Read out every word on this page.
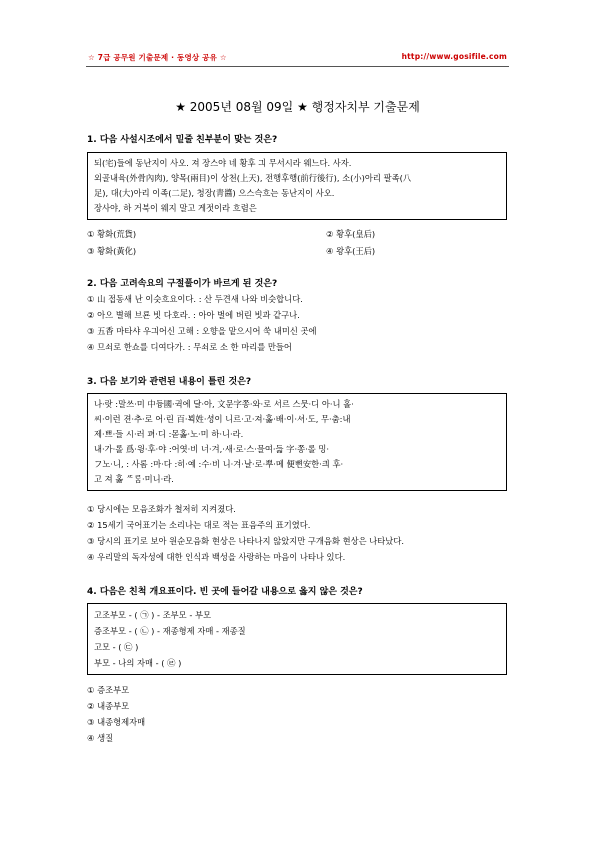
☆ 7급 공무원 기출문제 · 동영상 공유 ☆	http://www.gosifile.com
★ 2005년 08월 09일 ★ 행정자치부 기출문제
1. 다음 사설시조에서 밑줄 친부분이 맞는 것은?
되(宅)들에 동난지이 사오. 져 장스야 네 황후 긔 무서시라 웨느다. 사자.
외골내육(外骨內肉), 양목(兩目)이 상천(上天), 전행후행(前行後行), 소(小)아리 팔족(八
足), 대(大)아리 이족(二足), 청장(靑醬) 으스슥흐는 동난지이 사오.
장사야, 하 거북이 웨지 말고 게젓이라 흐렴은
① 황화(荒貨)	② 황후(皇后)
③ 황화(黃化)	④ 왕후(王后)
2. 다음 고려속요의 구절풀이가 바르게 된 것은?
① 山 접동새 난 이슷흐요이다. : 산 두견새 나와 비슷합니다.
② 아으 별해 브룐 빗 다호라. : 아아 벌에 버린 빗과 같구나.
③ 五香 마타샤 우긔어신 고해 : 오향을 맡으시어 쑥 내미신 곳에
④ 므쇠로 한쇼를 디여다가. : 무쇠로 소 한 마리를 만들어
3. 다음 보기와 관련된 내용이 틀린 것은?
나·랏 :말쓰·미 中듕國·귁에 달·아, 文문字쫑·와·로 서르 스뭇·디 아·니 홀·
씨·이런 젼·추·로 어·린 百·뵉姓·셩이 니르·고·져·홇·배·이·셔·도, 무·춤:내
제·쁘·들 시·러 펴·디 :몯홇·노·미 하·니·라.
내·가·롤 爲·윙·후·야 :어엿·비 너·겨,·새·로·스·믈여·듧 字·쫑·롤 밍·
フ노·니, : 사롬 :마·다 :히·예 :수·비 니·겨·날·로·뿌·메 便뼌安한·킈 후·
고 져 홇 ᄯᄅᆞᆷ·미니·라.
① 당시에는 모음조화가 철저히 지켜졌다.
② 15세기 국어표기는 소리나는 대로 적는 표음주의 표기였다.
③ 당시의 표기로 보아 원순모음화 현상은 나타나지 않았지만 구개음화 현상은 나타났다.
④ 우리말의 독자성에 대한 인식과 백성을 사랑하는 마음이 나타나 있다.
4. 다음은 친척 개요표이다. 빈 곳에 들어갈 내용으로 옳지 않은 것은?
고조부모 - ( ㉠ ) - 조부모 - 부모
증조부모 - ( ㉡ ) - 재종형제 자매 - 재종질
고모 - ( ㉢ )
부모 - 나의 자매 - ( ㉣ )
① 증조부모
② 내종부모
③ 내종형제자매
④ 생질
